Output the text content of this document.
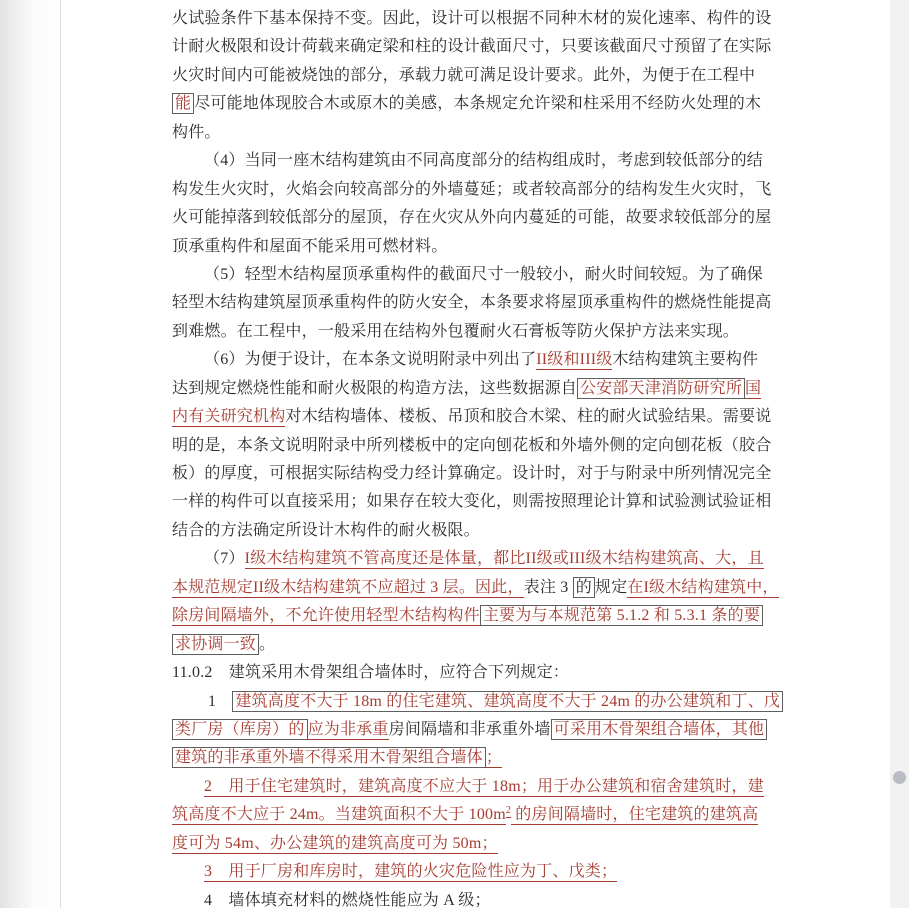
火试验条件下基本保持不变。因此，设计可以根据不同种木材的炭化速率、构件的设
计耐火极限和设计荷载来确定梁和柱的设计截面尺寸，只要该截面尺寸预留了在实际
火灾时间内可能被烧蚀的部分，承载力就可满足设计要求。此外，为便于在工程中
能 尽可能地体现胶合木或原木的美感，本条规定允许梁和柱采用不经防火处理的木
构件。
（4）当同一座木结构建筑由不同高度部分的结构组成时，考虑到较低部分的结
构发生火灾时，火焰会向较高部分的外墙蔓延；或者较高部分的结构发生火灾时，飞
火可能掉落到较低部分的屋顶，存在火灾从外向内蔓延的可能，故要求较低部分的屋
顶承重构件和屋面不能采用可燃材料。
（5）轻型木结构屋顶承重构件的截面尺寸一般较小，耐火时间较短。为了确保
轻型木结构建筑屋顶承重构件的防火安全，本条要求将屋顶承重构件的燃烧性能提高
到难燃。在工程中，一般采用在结构外包覆耐火石膏板等防火保护方法来实现。
（6）为便于设计，在本条文说明附录中列出了II级和III级木结构建筑主要构件
达到规定燃烧性能和耐火极限的构造方法，这些数据源自 公安部天津消防研究所 国
内有关研究机构对木结构墙体、楼板、吊顶和胶合木梁、柱的耐火试验结果。需要说
明的是，本条文说明附录中所列楼板中的定向刨花板和外墙外侧的定向刨花板（胶合
板）的厚度，可根据实际结构受力经计算确定。设计时，对于与附录中所列情况完全
一样的构件可以直接采用；如果存在较大变化，则需按照理论计算和试验测试验证相
结合的方法确定所设计木构件的耐火极限。
（7）I级木结构建筑不管高度还是体量，都比II级或III级木结构建筑高、大，且
本规范规定II级木结构建筑不应超过 3 层。因此，表注 3 的 规定在I级木结构建筑中，
除房间隔墙外，不允许使用轻型木结构构件 主要为与本规范第 5.1.2 和 5.3.1 条的要
求协调一致 。
11.0.2　建筑采用木骨架组合墙体时，应符合下列规定：
1　建筑高度不大于 18m 的住宅建筑、建筑高度不大于 24m 的办公建筑和丁、戊
类厂房（库房）的 应为非承重房间隔墙和非承重外墙 可采用木骨架组合墙体，其他
建筑的非承重外墙不得采用木骨架组合墙体 ；
2　用于住宅建筑时，建筑高度不应大于 18m；用于办公建筑和宿舍建筑时，建
筑高度不大应于 24m。当建筑面积不大于 $100m^2$ 的房间隔墙时，住宅建筑的建筑高
度可为 54m、办公建筑的建筑高度可为 50m；
3　用于厂房和库房时，建筑的火灾危险性应为丁、戊类；
4　墙体填充材料的燃烧性能应为 A 级；
